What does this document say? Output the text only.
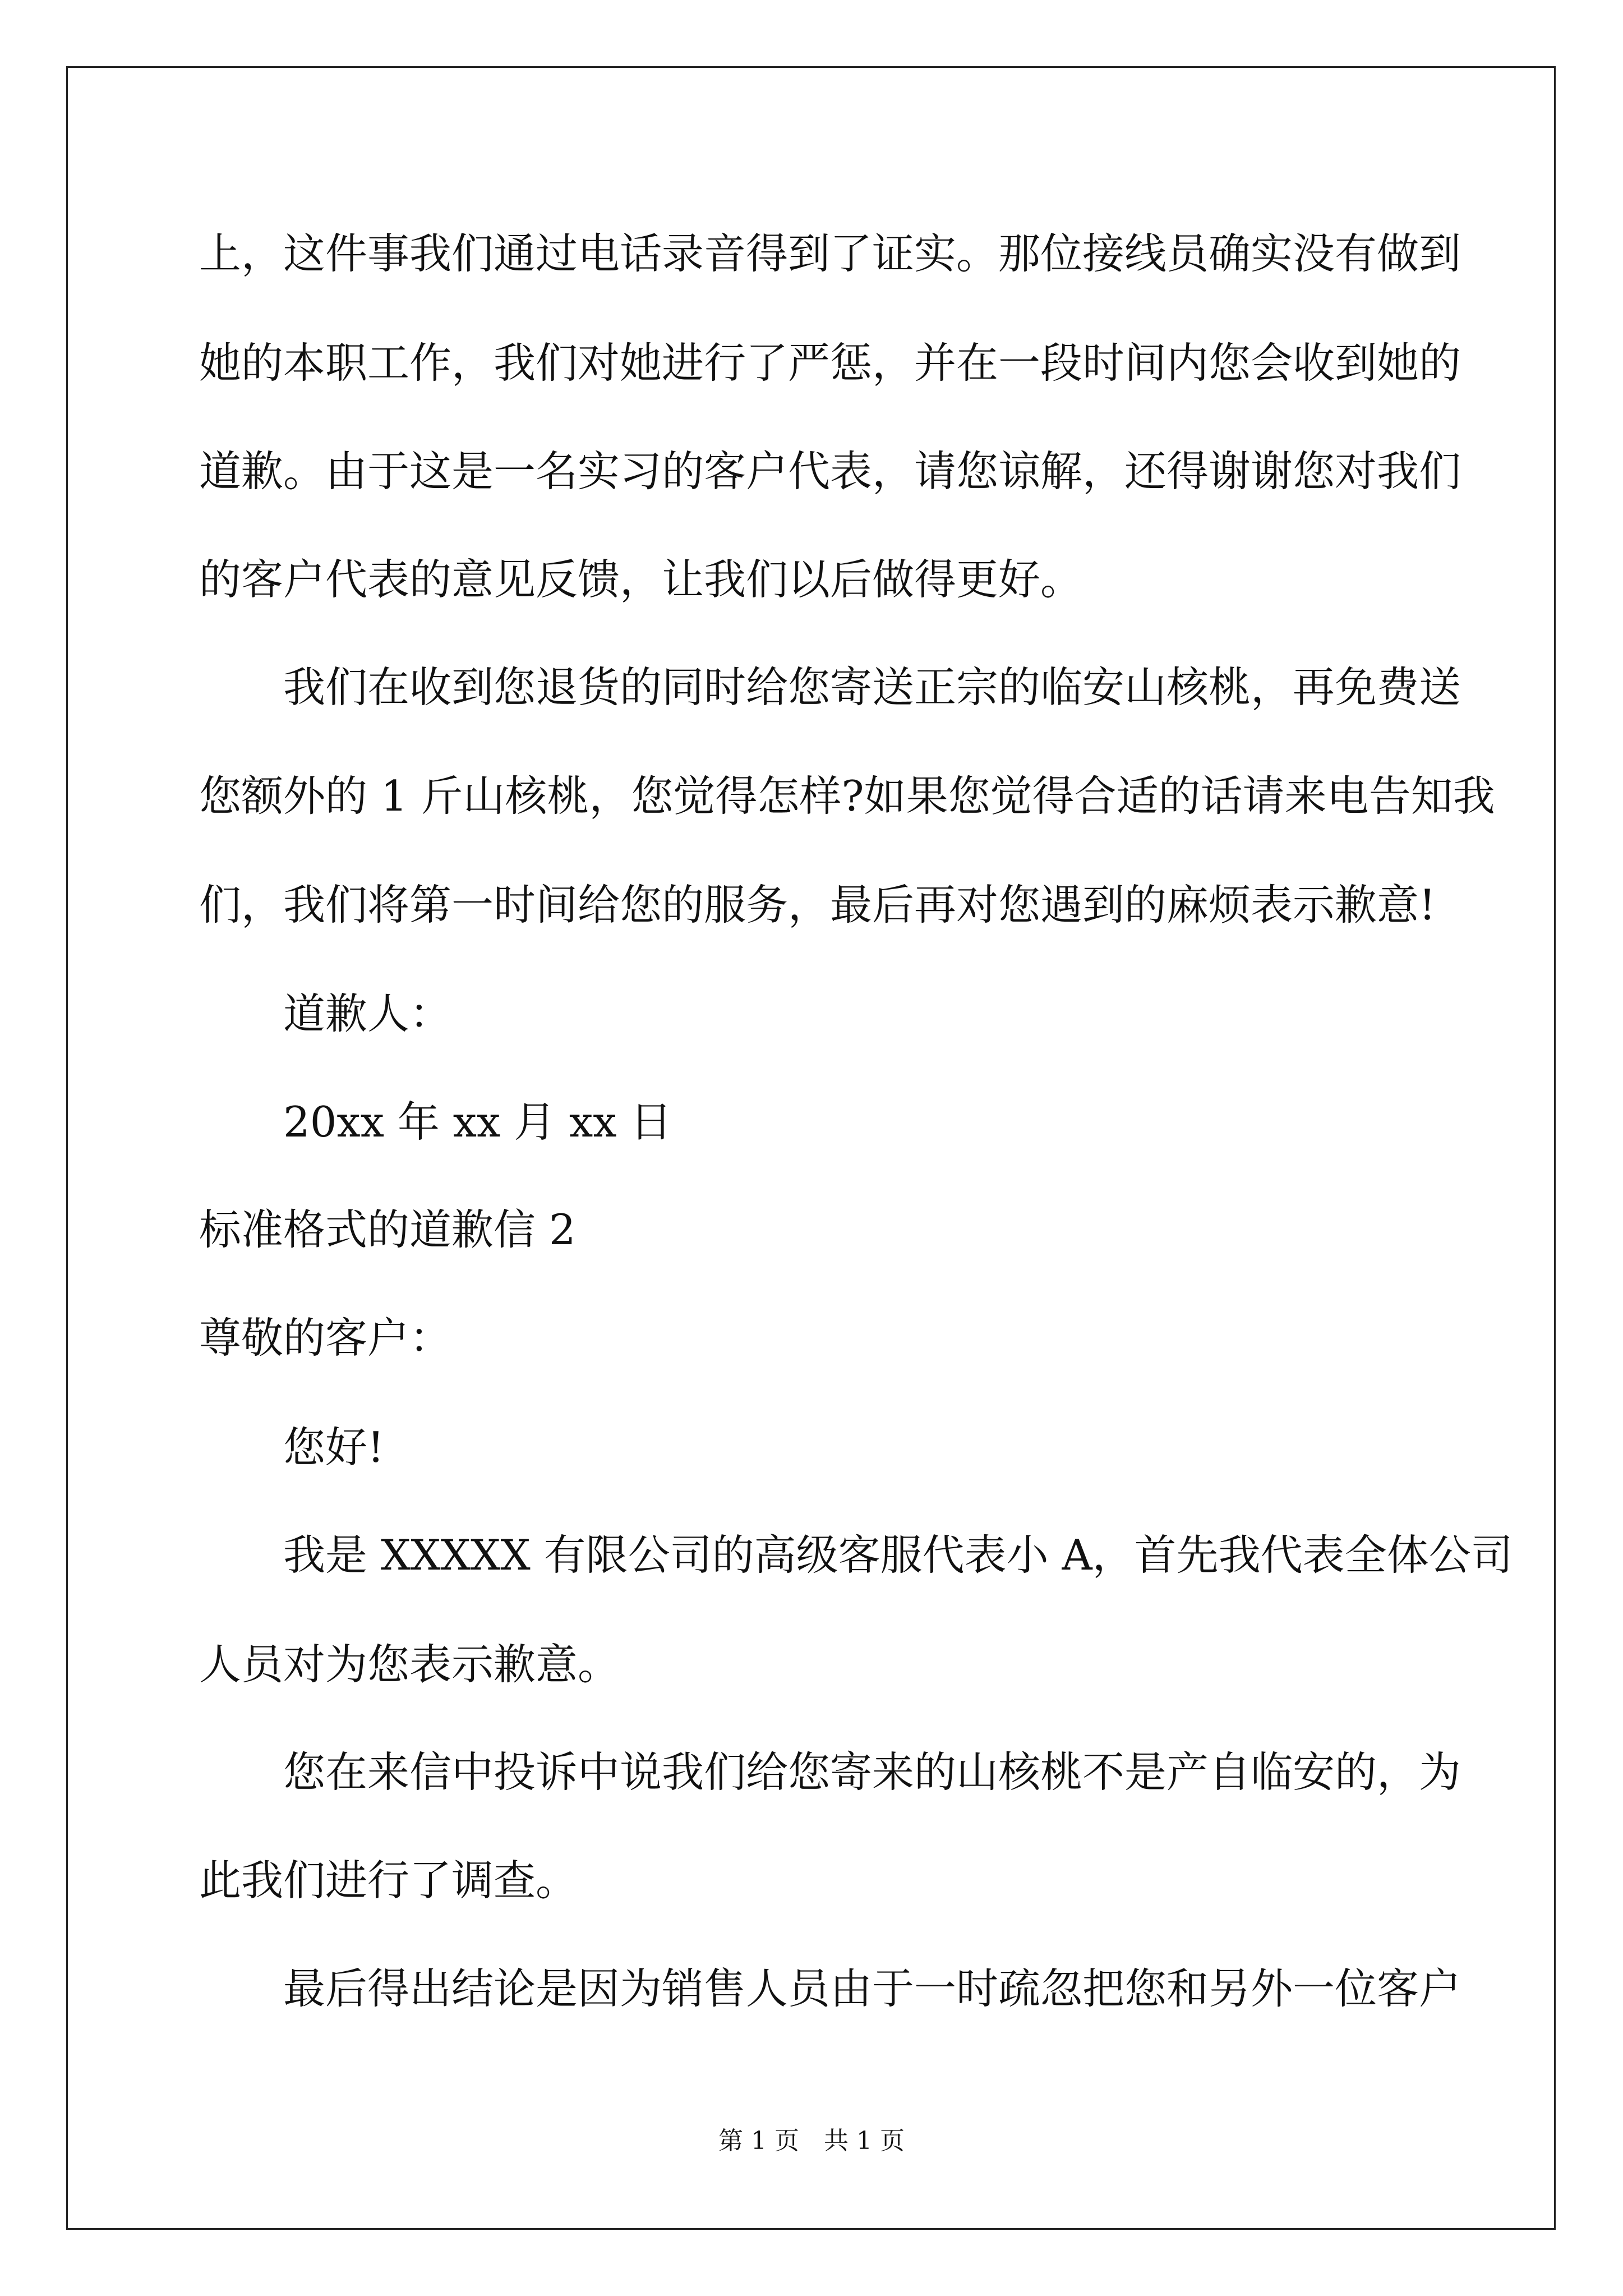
上，这件事我们通过电话录音得到了证实。那位接线员确实没有做到
她的本职工作，我们对她进行了严惩，并在一段时间内您会收到她的
道歉。由于这是一名实习的客户代表，请您谅解，还得谢谢您对我们
的客户代表的意见反馈，让我们以后做得更好。
我们在收到您退货的同时给您寄送正宗的临安山核桃，再免费送
您额外的 1 斤山核桃，您觉得怎样?如果您觉得合适的话请来电告知我
们，我们将第一时间给您的服务，最后再对您遇到的麻烦表示歉意!
道歉人：
20xx 年 xx 月 xx 日
标准格式的道歉信 2
尊敬的客户：
您好!
我是 XXXXX 有限公司的高级客服代表小 A，首先我代表全体公司
人员对为您表示歉意。
您在来信中投诉中说我们给您寄来的山核桃不是产自临安的，为
此我们进行了调查。
最后得出结论是因为销售人员由于一时疏忽把您和另外一位客户
第 1 页　共 1 页
